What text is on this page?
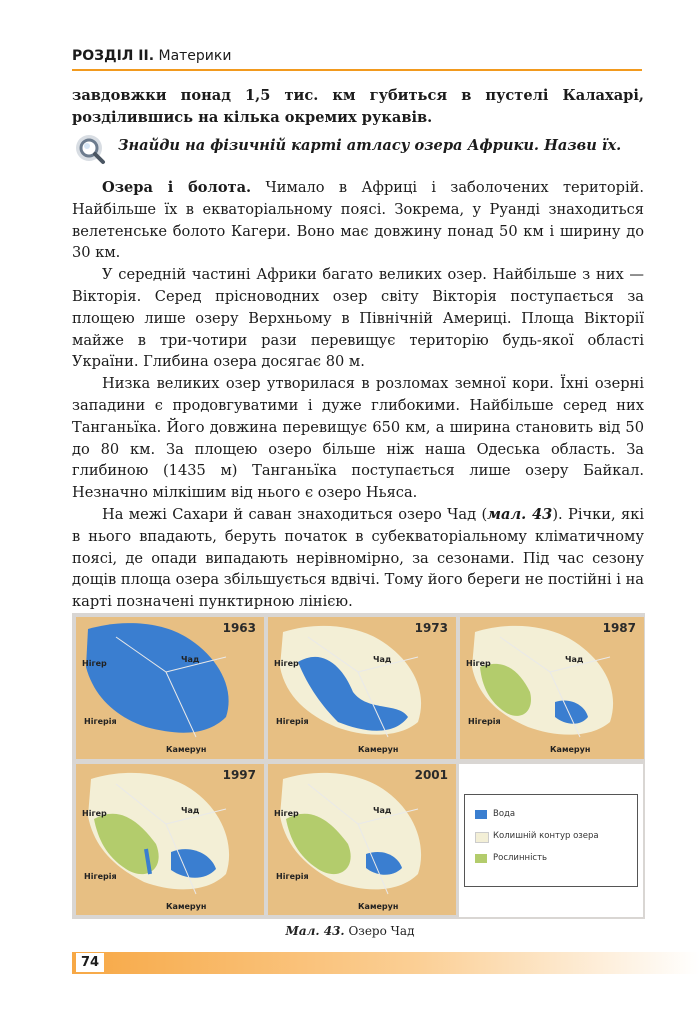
РОЗДІЛ ІІ. Материки

завдовжки понад 1,5 тис. км губиться в пустелі Калахарі, розділившись на кілька окремих рукавів.

Знайди на фізичній карті атласу озера Африки. Назви їх.

Озера і болота. Чимало в Африці і заболочених територій. Найбільше їх в екваторіальному поясі. Зокрема, у Руанді знаходиться велетенське болото Кагери. Воно має довжину понад 50 км і ширину до 30 км.

У середній частині Африки багато великих озер. Найбільше з них — Вікторія. Серед прісноводних озер світу Вікторія поступається за площею лише озеру Верхньому в Північній Америці. Площа Вікторії майже в три-чотири рази перевищує територію будь-якої області України. Глибина озера досягає 80 м.

Низка великих озер утворилася в розломах земної кори. Їхні озерні западини є продовгуватими і дуже глибокими. Найбільше серед них Танганьїка. Його довжина перевищує 650 км, а ширина становить від 50 до 80 км. За площею озеро більше ніж наша Одеська область. За глибиною (1435 м) Танганьїка поступається лише озеру Байкал. Незначно мілкішим від нього є озеро Ньяса.

На межі Сахари й саван знаходиться озеро Чад (мал. 43). Річки, які в нього впадають, беруть початок в субекваторіальному кліматичному поясі, де опади випадають нерівномірно, за сезонами. Під час сезону дощів площа озера збільшується вдвічі. Тому його береги не постійні і на карті позначені пунктирною лінією.

1963
Нігер	Чад
Нігерія
Камерун
1973
Нігер	Чад
Нігерія
Камерун
1987
Нігер	Чад
Нігерія
Камерун
1997
Нігер	Чад
Нігерія
Камерун
2001
Нігер	Чад
Нігерія
Камерун
Вода
Колишній контур озера
Рослинність
Мал. 43. Озеро Чад
74
